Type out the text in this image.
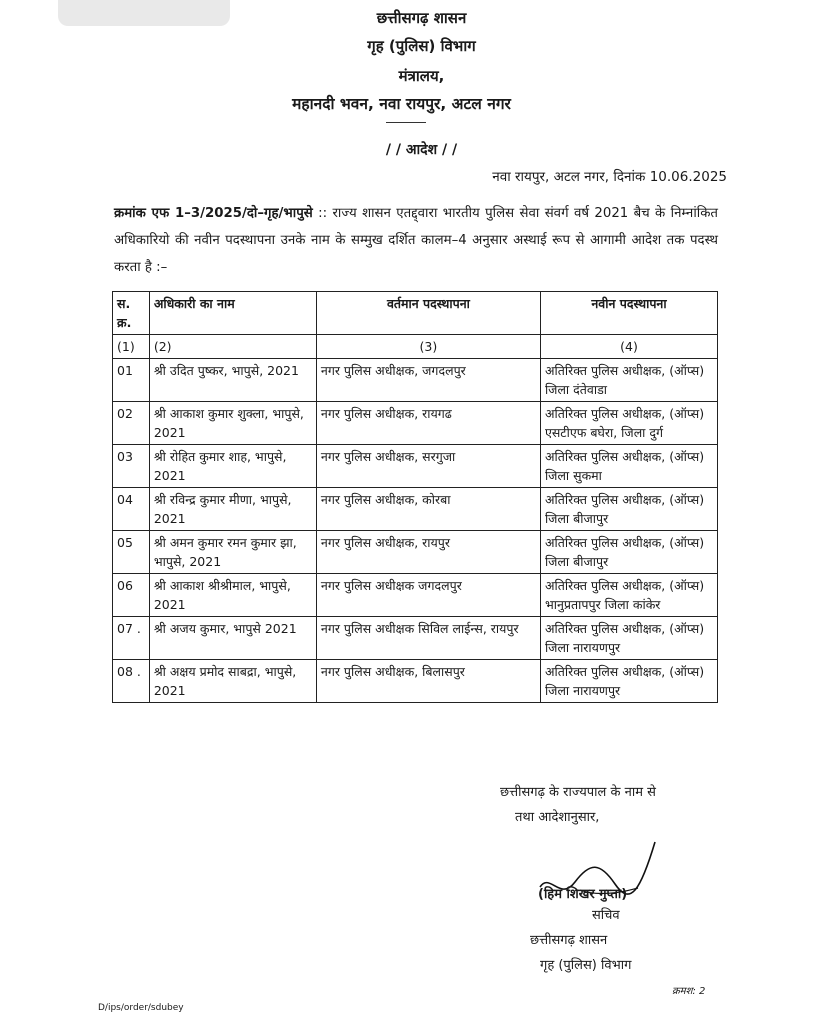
छत्तीसगढ़ शासन
गृह (पुलिस) विभाग
मंत्रालय,
महानदी भवन, नवा रायपुर, अटल नगर
/ / आदेश / /
नवा रायपुर, अटल नगर, दिनांक 10.06.2025
क्रमांक एफ 1–3/2025/दो–गृह/भापुसे :: राज्य शासन एतद्द्वारा भारतीय पुलिस सेवा संवर्ग वर्ष 2021 बैच के निम्नांकित अधिकारियो की नवीन पदस्थापना उनके नाम के सम्मुख दर्शित कालम–4 अनुसार अस्थाई रूप से आगामी आदेश तक पदस्थ करता है :–
स. क्र.	अधिकारी का नाम	वर्तमान पदस्थापना	नवीन पदस्थापना
(1)	(2)	(3)	(4)
01	श्री उदित पुष्कर, भापुसे, 2021	नगर पुलिस अधीक्षक, जगदलपुर	अतिरिक्त पुलिस अधीक्षक, (ऑप्स) जिला दंतेवाडा
02	श्री आकाश कुमार शुक्ला, भापुसे, 2021	नगर पुलिस अधीक्षक, रायगढ	अतिरिक्त पुलिस अधीक्षक, (ऑप्स) एसटीएफ बघेरा, जिला दुर्ग
03	श्री रोहित कुमार शाह, भापुसे, 2021	नगर पुलिस अधीक्षक, सरगुजा	अतिरिक्त पुलिस अधीक्षक, (ऑप्स) जिला सुकमा
04	श्री रविन्द्र कुमार मीणा, भापुसे, 2021	नगर पुलिस अधीक्षक, कोरबा	अतिरिक्त पुलिस अधीक्षक, (ऑप्स) जिला बीजापुर
05	श्री अमन कुमार रमन कुमार झा, भापुसे, 2021	नगर पुलिस अधीक्षक, रायपुर	अतिरिक्त पुलिस अधीक्षक, (ऑप्स) जिला बीजापुर
06	श्री आकाश श्रीश्रीमाल, भापुसे, 2021	नगर पुलिस अधीक्षक जगदलपुर	अतिरिक्त पुलिस अधीक्षक, (ऑप्स) भानुप्रतापपुर जिला कांकेर
07 .	श्री अजय कुमार, भापुसे 2021	नगर पुलिस अधीक्षक सिविल लाईन्स, रायपुर	अतिरिक्त पुलिस अधीक्षक, (ऑप्स) जिला नारायणपुर
08 .	श्री अक्षय प्रमोद साबद्रा, भापुसे, 2021	नगर पुलिस अधीक्षक, बिलासपुर	अतिरिक्त पुलिस अधीक्षक, (ऑप्स) जिला नारायणपुर
छत्तीसगढ़ के राज्यपाल के नाम से
तथा आदेशानुसार,
(हिम शिखर गुप्ता)
सचिव
छत्तीसगढ़ शासन
गृह (पुलिस) विभाग
D/ips/order/sdubey
क्रमश: 2
